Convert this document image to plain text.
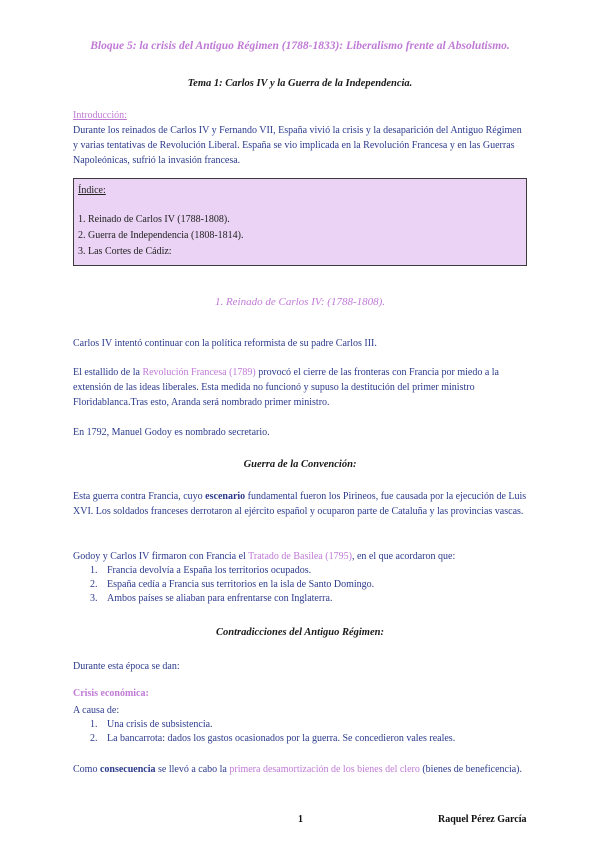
Bloque 5: la crisis del Antiguo Régimen (1788-1833): Liberalismo frente al Absolutismo.
Tema 1: Carlos IV y la Guerra de la Independencia.
Introducción:
Durante los reinados de Carlos IV y Fernando VII, España vivió la crisis y la desaparición del Antiguo Régimen y varias tentativas de Revolución Liberal. España se vio implicada en la Revolución Francesa y en las Guerras Napoleónicas, sufrió la invasión francesa.
Índice:
1. Reinado de Carlos IV (1788-1808).
2. Guerra de Independencia (1808-1814).
3. Las Cortes de Cádiz:
1. Reinado de Carlos IV: (1788-1808).
Carlos IV intentó continuar con la política reformista de su padre Carlos III.
El estallido de la Revolución Francesa (1789) provocó el cierre de las fronteras con Francia por miedo a la extensión de las ideas liberales. Esta medida no funcionó y supuso la destitución del primer ministro Floridablanca.Tras esto, Aranda será nombrado primer ministro.
En 1792, Manuel Godoy es nombrado secretario.
Guerra de la Convención:
Esta guerra contra Francia, cuyo escenario fundamental fueron los Pirineos, fue causada por la ejecución de Luis XVI. Los soldados franceses derrotaron al ejército español y ocuparon parte de Cataluña y las provincias vascas.
Godoy y Carlos IV firmaron con Francia el Tratado de Basilea (1795), en el que acordaron que:
1. Francia devolvía a España los territorios ocupados.
2. España cedía a Francia sus territorios en la isla de Santo Domingo.
3. Ambos países se aliaban para enfrentarse con Inglaterra.
Contradicciones del Antiguo Régimen:
Durante esta época se dan:
Crisis económica:
A causa de:
1. Una crisis de subsistencia.
2. La bancarrota: dados los gastos ocasionados por la guerra. Se concedieron vales reales.
Como consecuencia se llevó a cabo la primera desamortización de los bienes del clero (bienes de beneficencia).
1	Raquel Pérez García
